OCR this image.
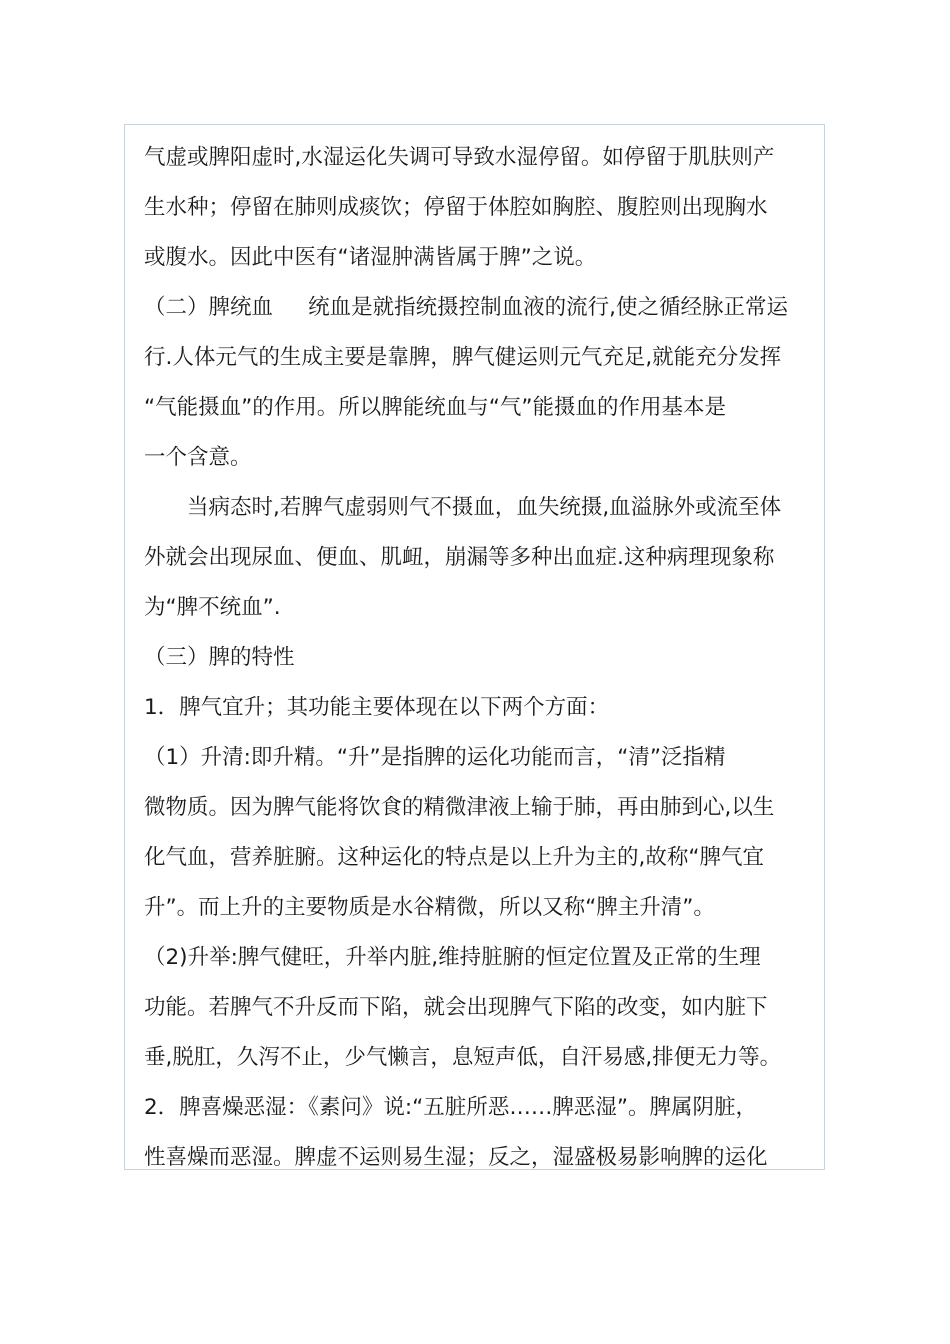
气虚或脾阳虚时,水湿运化失调可导致水湿停留。如停留于肌肤则产
生水种；停留在肺则成痰饮；停留于体腔如胸腔、腹腔则出现胸水
或腹水。因此中医有“诸湿肿满皆属于脾”之说。
（二）脾统血 　 统血是就指统摄控制血液的流行,使之循经脉正常运
行.人体元气的生成主要是靠脾，脾气健运则元气充足,就能充分发挥
“气能摄血”的作用。所以脾能统血与“气”能摄血的作用基本是
一个含意。
　　当病态时,若脾气虚弱则气不摄血，血失统摄,血溢脉外或流至体
外就会出现尿血、便血、肌衄，崩漏等多种出血症.这种病理现象称
为“脾不统血”.
（三）脾的特性
1．脾气宜升；其功能主要体现在以下两个方面：
（1）升清:即升精。“升”是指脾的运化功能而言，“清”泛指精
微物质。因为脾气能将饮食的精微津液上输于肺，再由肺到心,以生
化气血，营养脏腑。这种运化的特点是以上升为主的,故称“脾气宜
升”。而上升的主要物质是水谷精微，所以又称“脾主升清”。
（2)升举:脾气健旺，升举内脏,维持脏腑的恒定位置及正常的生理
功能。若脾气不升反而下陷，就会出现脾气下陷的改变，如内脏下
垂,脱肛，久泻不止，少气懒言，息短声低，自汗易感,排便无力等。
2．脾喜燥恶湿：《素问》说:“五脏所恶……脾恶湿”。脾属阴脏，
性喜燥而恶湿。脾虚不运则易生湿；反之，湿盛极易影响脾的运化
